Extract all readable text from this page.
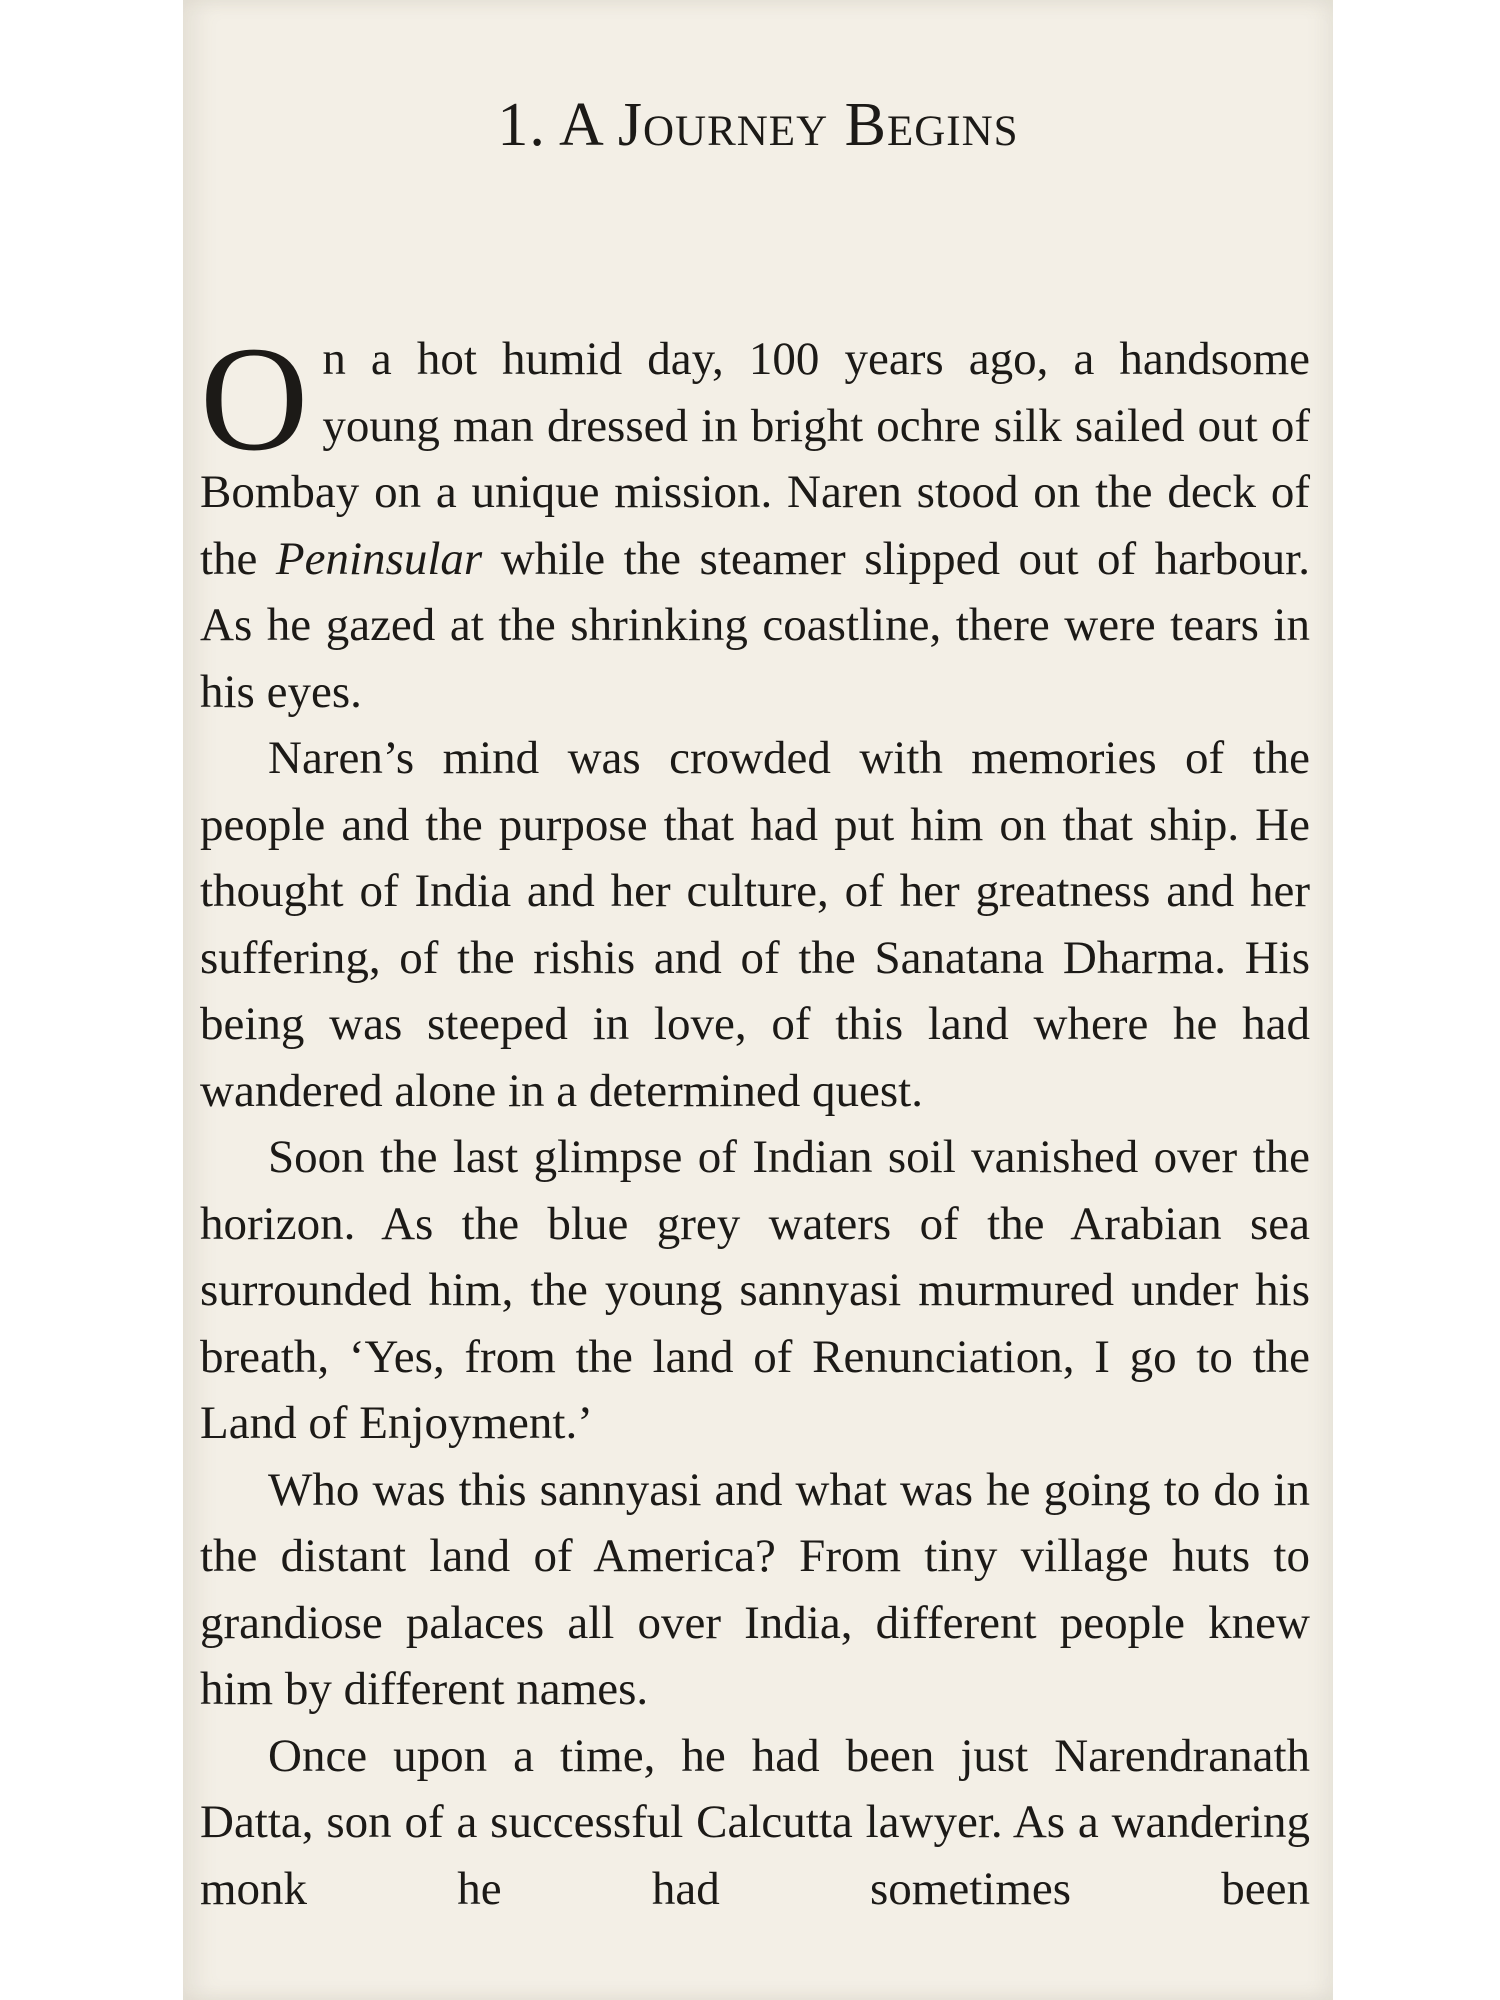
1. A Journey Begins

On a hot humid day, 100 years ago, a handsome young man dressed in bright ochre silk sailed out of Bombay on a unique mission. Naren stood on the deck of the Peninsular while the steamer slipped out of harbour. As he gazed at the shrinking coastline, there were tears in his eyes.

Naren’s mind was crowded with memories of the people and the purpose that had put him on that ship. He thought of India and her culture, of her greatness and her suffering, of the rishis and of the Sanatana Dharma. His being was steeped in love, of this land where he had wandered alone in a determined quest.

Soon the last glimpse of Indian soil vanished over the horizon. As the blue grey waters of the Arabian sea surrounded him, the young sannyasi murmured under his breath, ‘Yes, from the land of Renunciation, I go to the Land of Enjoyment.’

Who was this sannyasi and what was he going to do in the distant land of America? From tiny village huts to grandiose palaces all over India, different people knew him by different names.

Once upon a time, he had been just Narendranath Datta, son of a successful Calcutta lawyer. As a wandering monk he had sometimes been
